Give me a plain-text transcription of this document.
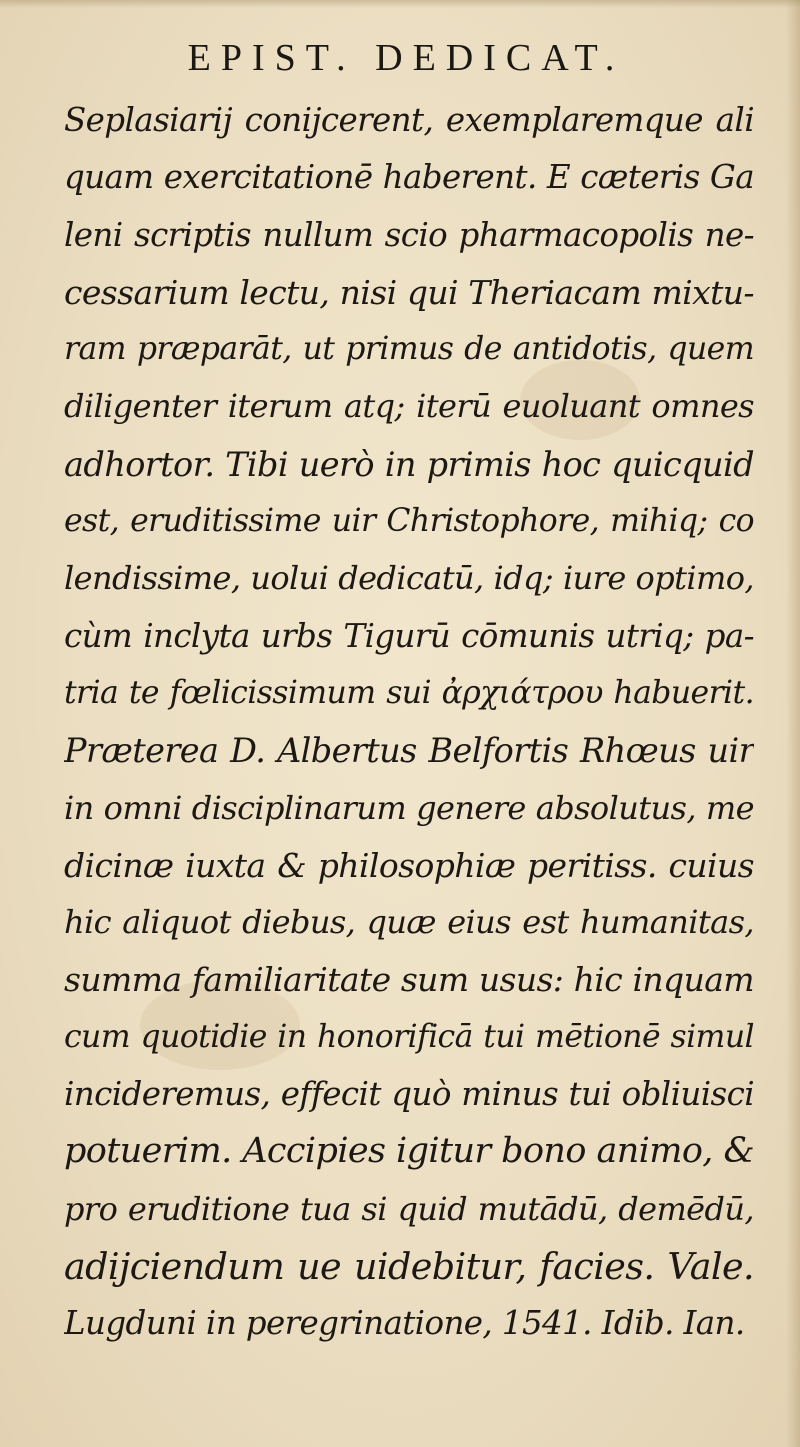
EPIST. DEDICAT.
Seplasiarij conijcerent, exemplaremque ali
quam exercitationē haberent. E cæteris Ga
leni scriptis nullum scio pharmacopolis ne-
cessarium lectu, nisi qui Theriacam mixtu-
ram præparāt, ut primus de antidotis, quem
diligenter iterum atq; iterū euoluant omnes
adhortor. Tibi uerò in primis hoc quicquid
est, eruditissime uir Christophore, mihiq; co
lendissime, uolui dedicatū, idq; iure optimo,
cùm inclyta urbs Tigurū cōmunis utriq; pa-
tria te fœlicissimum sui ἀρχιάτρου habuerit.
Præterea D. Albertus Belfortis Rhœus uir
in omni disciplinarum genere absolutus, me
dicinæ iuxta & philosophiæ peritiss. cuius
hic aliquot diebus, quæ eius est humanitas,
summa familiaritate sum usus: hic inquam
cum quotidie in honorificā tui mētionē simul
incideremus, effecit quò minus tui obliuisci
potuerim. Accipies igitur bono animo, &
pro eruditione tua si quid mutādū, demēdū,
adijciendum ue uidebitur, facies. Vale.
Lugduni in peregrinatione, 1541. Idib. Ian.
